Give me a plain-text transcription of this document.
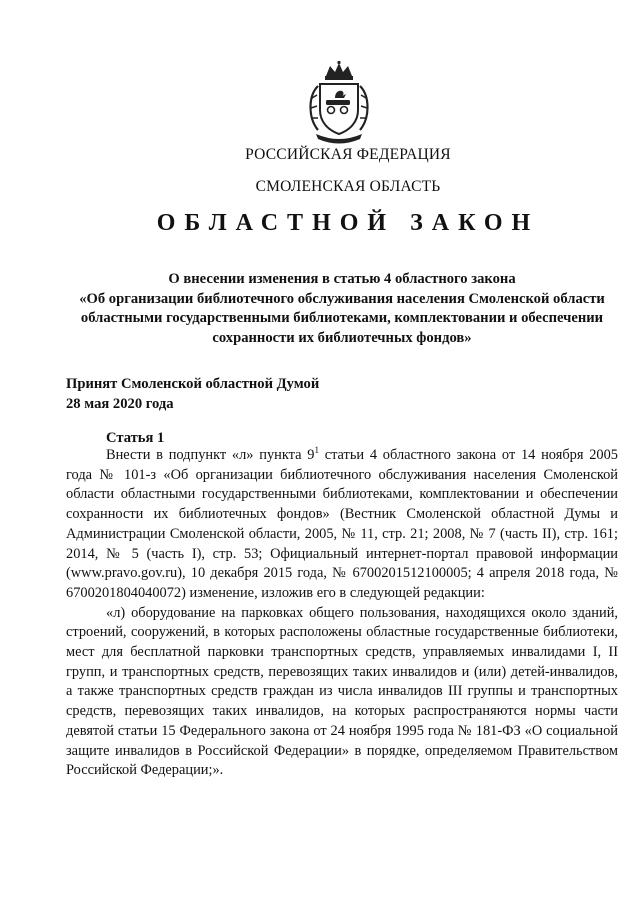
РОССИЙСКАЯ ФЕДЕРАЦИЯ
СМОЛЕНСКАЯ ОБЛАСТЬ
ОБЛАСТНОЙ ЗАКОН
О внесении изменения в статью 4 областного закона
«Об организации библиотечного обслуживания населения Смоленской области
областными государственными библиотеками, комплектовании и обеспечении
сохранности их библиотечных фондов»
Принят Смоленской областной Думой
28 мая 2020 года
Статья 1

Внести в подпункт «л» пункта $9^1$ статьи 4 областного закона от 14 ноября 2005 года № 101-з «Об организации библиотечного обслуживания населения Смоленской области областными государственными библиотеками, комплектовании и обеспечении сохранности их библиотечных фондов» (Вестник Смоленской областной Думы и Администрации Смоленской области, 2005, № 11, стр. 21; 2008, № 7 (часть II), стр. 161; 2014, № 5 (часть I), стр. 53; Официальный интернет-портал правовой информации (www.pravo.gov.ru), 10 декабря 2015 года, № 6700201512100005; 4 апреля 2018 года, № 6700201804040072) изменение, изложив его в следующей редакции:

«л) оборудование на парковках общего пользования, находящихся около зданий, строений, сооружений, в которых расположены областные государственные библиотеки, мест для бесплатной парковки транспортных средств, управляемых инвалидами I, II групп, и транспортных средств, перевозящих таких инвалидов и (или) детей-инвалидов, а также транспортных средств граждан из числа инвалидов III группы и транспортных средств, перевозящих таких инвалидов, на которых распространяются нормы части девятой статьи 15 Федерального закона от 24 ноября 1995 года № 181-ФЗ «О социальной защите инвалидов в Российской Федерации» в порядке, определяемом Правительством Российской Федерации;».
